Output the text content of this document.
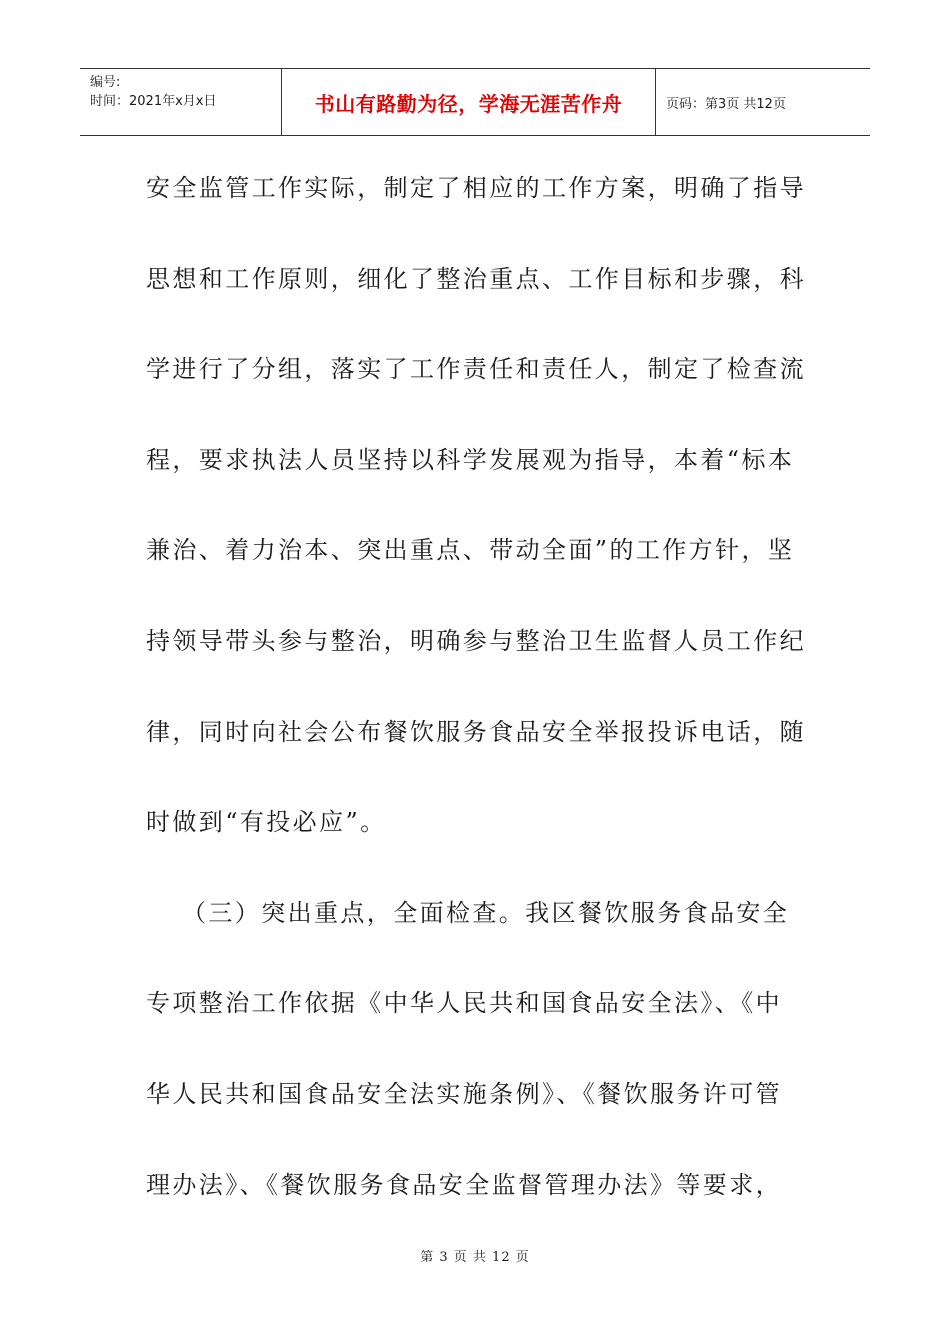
编号:
时间：2021年x月x日	书山有路勤为径，学海无涯苦作舟	页码：第3页 共12页
安全监管工作实际，制定了相应的工作方案，明确了指导
思想和工作原则，细化了整治重点、工作目标和步骤，科
学进行了分组，落实了工作责任和责任人，制定了检查流
程，要求执法人员坚持以科学发展观为指导，本着“标本
兼治、着力治本、突出重点、带动全面”的工作方针，坚
持领导带头参与整治，明确参与整治卫生监督人员工作纪
律，同时向社会公布餐饮服务食品安全举报投诉电话，随
时做到“有投必应”。
（三）突出重点，全面检查。我区餐饮服务食品安全
专项整治工作依据《中华人民共和国食品安全法》、《中
华人民共和国食品安全法实施条例》、《餐饮服务许可管
理办法》、《餐饮服务食品安全监督管理办法》等要求，
第 3 页 共 12 页
